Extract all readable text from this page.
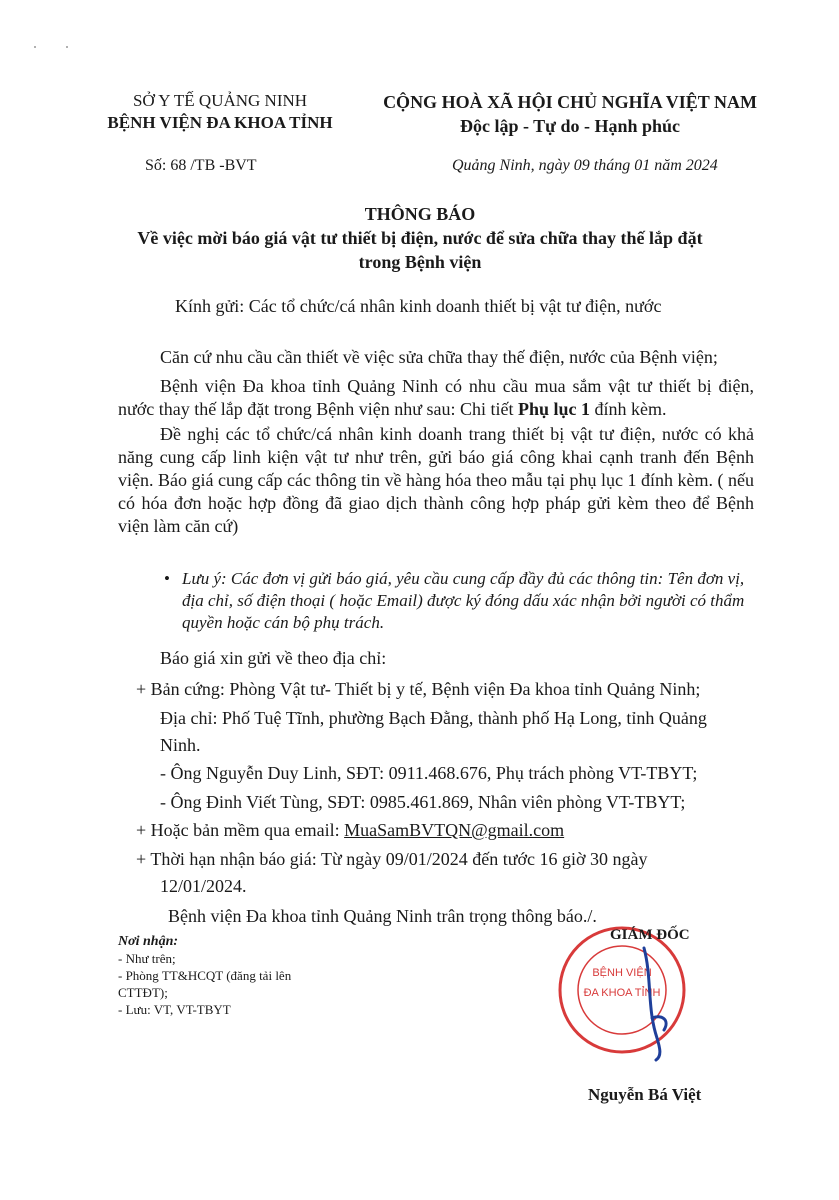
SỞ Y TẾ QUẢNG NINH
BỆNH VIỆN ĐA KHOA TỈNH
CỘNG HOÀ XÃ HỘI CHỦ NGHĨA VIỆT NAM
Độc lập - Tự do - Hạnh phúc
Số: 68 /TB -BVT	Quảng Ninh, ngày 09 tháng 01 năm 2024
THÔNG BÁO
Về việc mời báo giá vật tư thiết bị điện, nước để sửa chữa thay thế lắp đặt
trong Bệnh viện
Kính gửi: Các tổ chức/cá nhân kinh doanh thiết bị vật tư điện, nước

Căn cứ nhu cầu cần thiết về việc sửa chữa thay thế điện, nước của Bệnh viện;

Bệnh viện Đa khoa tỉnh Quảng Ninh có nhu cầu mua sắm vật tư thiết bị điện, nước thay thế lắp đặt trong Bệnh viện như sau: Chi tiết Phụ lục 1 đính kèm.

Đề nghị các tổ chức/cá nhân kinh doanh trang thiết bị vật tư điện, nước có khả năng cung cấp linh kiện vật tư như trên, gửi báo giá công khai cạnh tranh đến Bệnh viện. Báo giá cung cấp các thông tin về hàng hóa theo mẫu tại phụ lục 1 đính kèm. ( nếu có hóa đơn hoặc hợp đồng đã giao dịch thành công hợp pháp gửi kèm theo để Bệnh viện làm căn cứ)

• Lưu ý: Các đơn vị gửi báo giá, yêu cầu cung cấp đầy đủ các thông tin: Tên đơn vị, địa chỉ, số điện thoại ( hoặc Email) được ký đóng dấu xác nhận bởi người có thẩm quyền hoặc cán bộ phụ trách.
Báo giá xin gửi về theo địa chỉ:
+ Bản cứng: Phòng Vật tư- Thiết bị y tế, Bệnh viện Đa khoa tỉnh Quảng Ninh;
Địa chỉ: Phố Tuệ Tĩnh, phường Bạch Đằng, thành phố Hạ Long, tỉnh Quảng
Ninh.
- Ông Nguyễn Duy Linh, SĐT: 0911.468.676, Phụ trách phòng VT-TBYT;
- Ông Đinh Viết Tùng, SĐT: 0985.461.869, Nhân viên phòng VT-TBYT;
+ Hoặc bản mềm qua email: MuaSamBVTQN@gmail.com
+ Thời hạn nhận báo giá: Từ ngày 09/01/2024 đến tước 16 giờ 30 ngày
12/01/2024.
Bệnh viện Đa khoa tỉnh Quảng Ninh trân trọng thông báo./.
Nơi nhận:
- Như trên;
- Phòng TT&HCQT (đăng tải lên
CTTĐT);
- Lưu: VT, VT-TBYT
BỆNH VIỆN
ĐA KHOA TỈNH
GIÁM ĐỐC
Nguyễn Bá Việt
